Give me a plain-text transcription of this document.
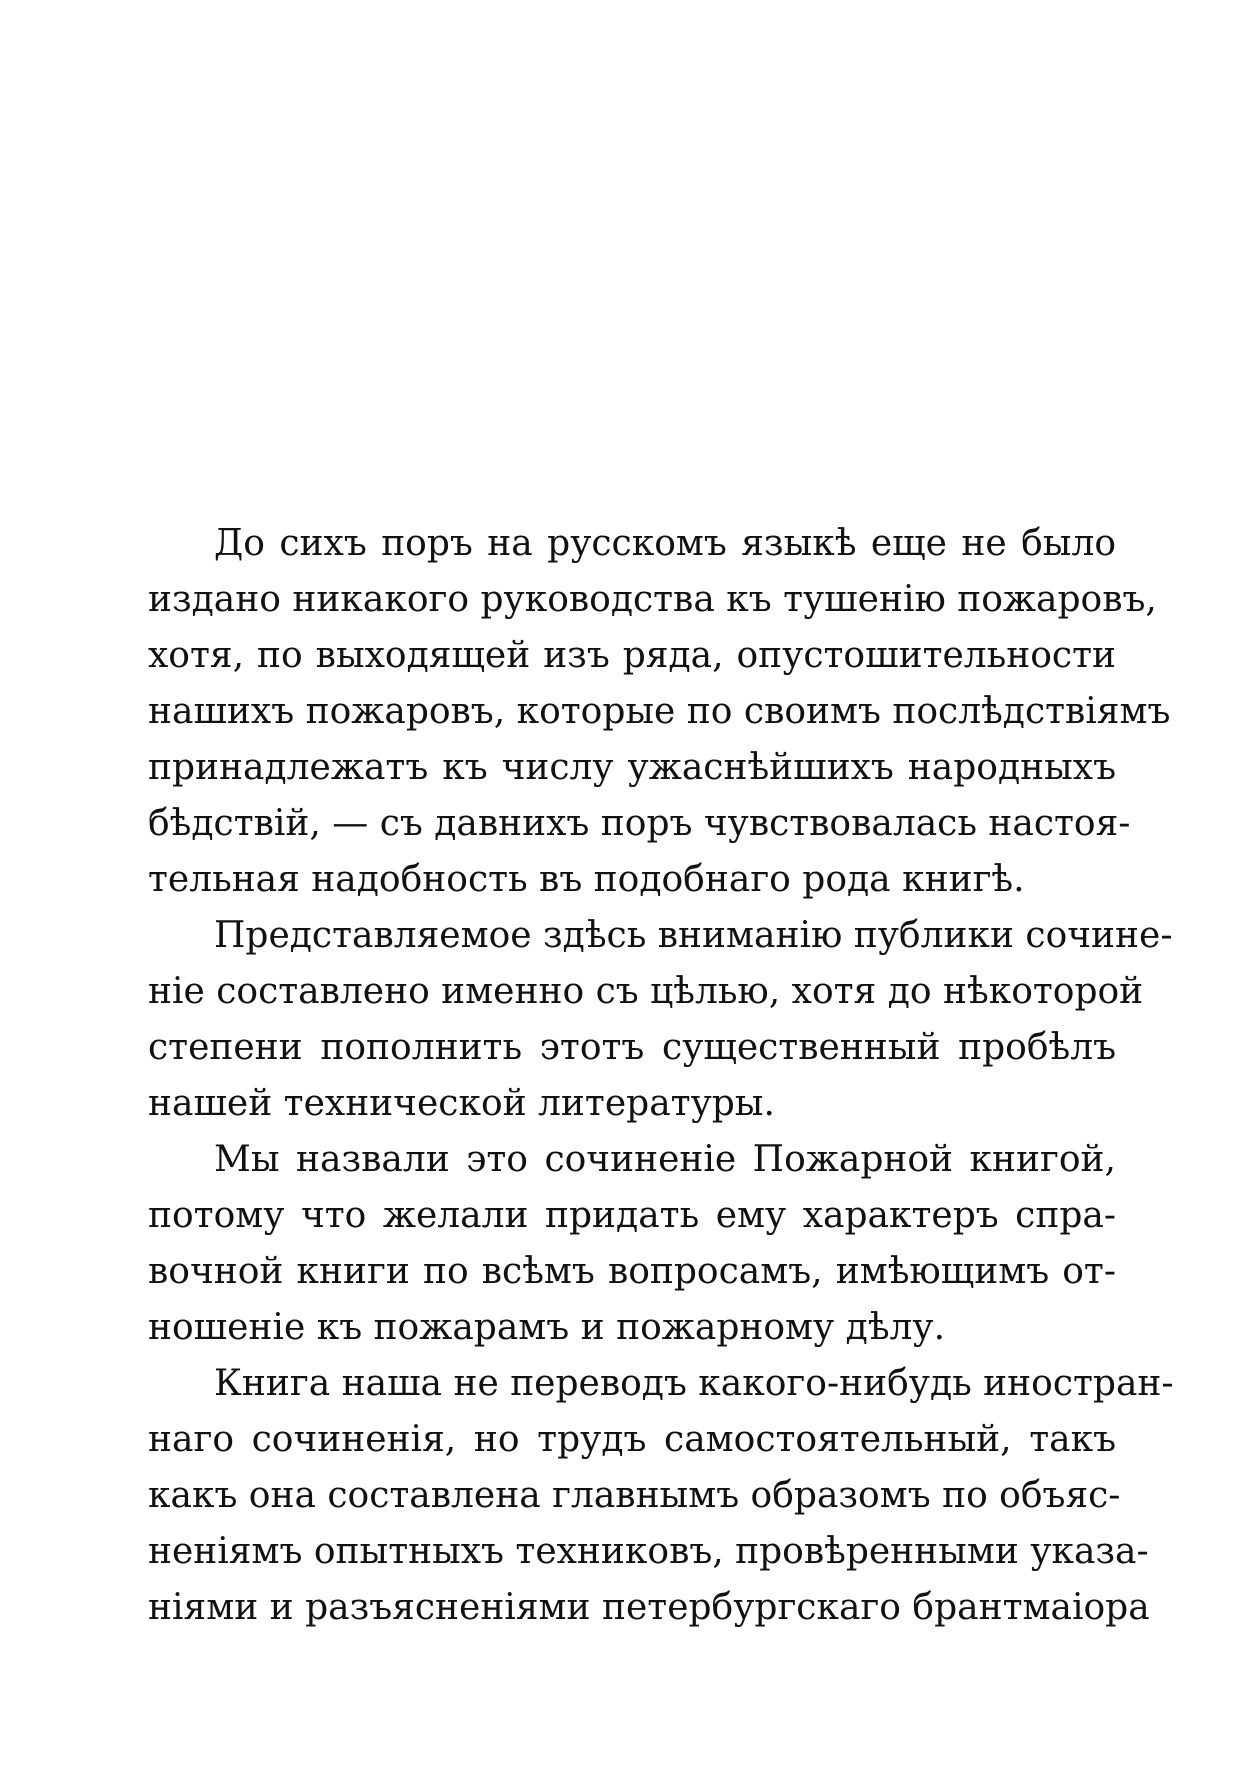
До сихъ поръ на русскомъ языкѣ еще не было
издано никакого руководства къ тушенію пожаровъ,
хотя, по выходящей изъ ряда, опустошительности
нашихъ пожаровъ, которые по своимъ послѣдствіямъ
принадлежатъ къ числу ужаснѣйшихъ народныхъ
бѣдствій, — съ давнихъ поръ чувствовалась настоя-
тельная надобность въ подобнаго рода книгѣ.
Представляемое здѣсь вниманію публики сочине-
ніе составлено именно съ цѣлью, хотя до нѣкоторой
степени пополнить этотъ существенный пробѣлъ
нашей технической литературы.
Мы назвали это сочиненіе Пожарной книгой,
потому что желали придать ему характеръ спра-
вочной книги по всѣмъ вопросамъ, имѣющимъ от-
ношеніе къ пожарамъ и пожарному дѣлу.
Книга наша не переводъ какого-нибудь иностран-
наго сочиненія, но трудъ самостоятельный, такъ
какъ она составлена главнымъ образомъ по объяс-
неніямъ опытныхъ техниковъ, провѣренными указа-
ніями и разъясненіями петербургскаго брантмаіора
